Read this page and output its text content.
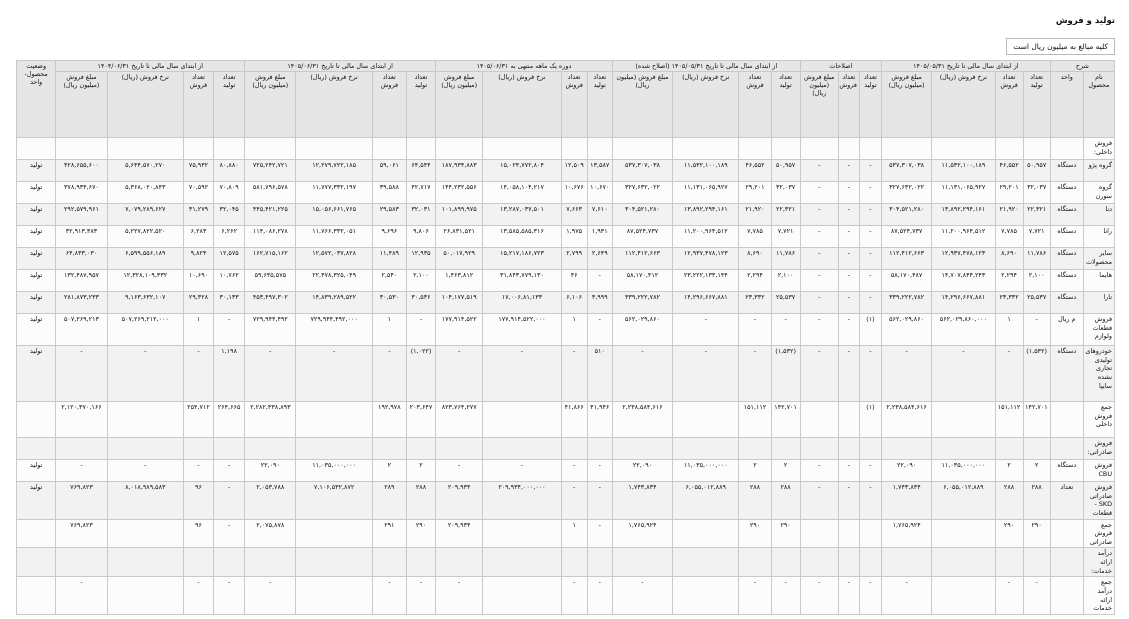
تولید و فروش
کلیه مبالغ به میلیون ریال است
شرح		از ابتدای سال مالی تا تاریخ ۱۴۰۵/۰۵/۳۱				اصلاحات			از ابتدای سال مالی تا تاریخ ۱۴۰۵/۰۵/۳۱ (اصلاح شده)				دوره یک ماهه منتهی به ۱۴۰۵/۰۶/۳۱				از ابتدای سال مالی تا تاریخ ۱۴۰۵/۰۶/۳۱				از ابتدای سال مالی تا تاریخ ۱۴۰۴/۰۶/۳۱				وضعیت محصول- واحد
نام محصول	واحد	تعداد تولید	تعداد فروش	نرخ فروش (ریال)	مبلغ فروش (میلیون ریال)	تعداد تولید	تعداد فروش	مبلغ فروش (میلیون ریال)	تعداد تولید	تعداد فروش	نرخ فروش (ریال)	مبلغ فروش (میلیون ریال)	تعداد تولید	تعداد فروش	نرخ فروش (ریال)	مبلغ فروش (میلیون ریال)	تعداد تولید	تعداد فروش	نرخ فروش (ریال)	مبلغ فروش (میلیون ریال)	تعداد تولید	تعداد فروش	نرخ فروش (ریال)	مبلغ فروش (میلیون ریال)	
فروش داخلی:																									
گروه پژو	دستگاه	۵۰,۹۵۷	۴۶,۵۵۲	۱۱,۵۳۲,۱۰۰,۱۸۹	۵۳۷,۳۰۷,۰۳۸	-	-	-	۵۰,۹۵۷	۴۶,۵۵۲	۱۱,۵۳۲,۱۰۰,۱۸۹	۵۳۷,۳۰۷,۰۳۸	۱۳,۵۸۷	۱۲,۵۰۹	۱۵,۰۲۴,۷۷۲,۸۰۴	۱۸۷,۹۳۴,۸۸۳	۶۴,۵۴۴	۵۹,۰۶۱	۱۲,۲۷۹,۷۲۲,۱۸۵	۷۲۵,۲۴۲,۷۲۱	۸۰,۸۸۰	۷۵,۹۳۲	۵,۶۴۴,۵۷۰,۲۷۰	۴۲۸,۶۵۵,۶۰۰	تولید
گروه سورن	دستگاه	۳۲,۰۳۷	۲۹,۲۰۱	۱۱,۱۳۱,۰۶۵,۹۲۷	۳۲۷,۶۳۲,۰۲۲	-	-	-	۳۲,۰۳۷	۲۹,۲۰۱	۱۱,۱۳۱,۰۶۵,۹۲۷	۳۲۷,۶۳۲,۰۲۲	۱۰,۶۷۰	۱۰,۶۷۶	۱۴,۰۵۸,۱۰۴,۲۱۷	۱۴۴,۲۳۲,۵۵۶	۴۲,۷۱۷	۳۹,۵۸۸	۱۱,۷۷۷,۳۳۲,۱۹۷	۵۸۱,۷۹۶,۵۷۸	۷۰,۸۰۹	۷۰,۵۹۲	۵,۳۶۸,۰۲۰,۸۴۳	۳۷۸,۹۳۴,۶۷۰	تولید
دنا	دستگاه	۲۲,۳۲۱	۲۱,۹۲۰	۱۳,۸۹۲,۲۹۴,۱۶۱	۳۰۴,۵۲۱,۲۸۰	-	-	-	۲۲,۳۲۱	۲۱,۹۲۰	۱۳,۸۹۲,۲۹۴,۱۶۱	۳۰۴,۵۲۱,۲۸۰	۷,۶۱۰	۷,۶۶۳	۱۳,۲۸۷,۰۳۷,۵۰۱	۱۰۱,۸۹۹,۹۷۵	۳۲,۰۳۱	۲۹,۵۸۳	۱۵,۰۵۶,۶۶۱,۷۶۵	۴۴۵,۴۲۱,۲۲۵	۳۲,۰۴۵	۳۱,۲۷۹	۷,۰۷۹,۲۸۹,۶۲۷	۲۹۲,۵۷۹,۹۶۱	تولید
رانا	دستگاه	۷,۷۲۱	۷,۷۸۵	۱۱,۲۰۰,۹۶۴,۵۱۲	۸۷,۵۲۴,۷۳۷	-	-	-	۷,۷۲۱	۷,۷۸۵	۱۱,۲۰۰,۹۶۴,۵۱۲	۸۷,۵۲۴,۷۳۷	۱,۹۳۱	۱,۹۷۵	۱۳,۵۸۵,۵۸۵,۳۱۶	۲۶,۸۳۱,۵۲۱	۹,۸۰۶	۹,۶۹۶	۱۱,۷۶۶,۳۳۲,۰۵۱	۱۱۴,۰۸۶,۲۷۸	۶,۲۶۲	۶,۲۸۳	۵,۲۲۷,۸۲۲,۵۲۰	۳۲,۹۱۳,۳۸۳	تولید
سایر محصولات	دستگاه	۱۱,۷۸۶	۸,۶۹۰	۱۲,۹۳۷,۴۷۸,۱۲۳	۱۱۲,۴۱۲,۶۶۳	-	-	-	۱۱,۷۸۶	۸,۶۹۰	۱۲,۹۳۷,۴۷۸,۱۲۳	۱۱۲,۴۱۲,۶۶۳	۲,۶۴۹	۲,۷۹۹	۱۵,۲۱۷,۱۸۶,۷۲۳	۵۰,۰۱۷,۹۲۹	۱۲,۹۳۵	۱۱,۴۸۹	۱۲,۵۷۲,۰۳۷,۸۲۸	۱۶۲,۷۱۵,۱۶۲	۱۲,۵۷۵	۹,۸۲۴	۶,۵۹۹,۵۵۶,۱۸۹	۶۴,۸۳۳,۰۳۰	تولید
هایما	دستگاه	۲,۱۰۰	۲,۲۹۴	۱۴,۷۰۷,۸۴۴,۲۴۳	۵۸,۱۷۰,۴۸۷	-	-	-	۲,۱۰۰	۲,۲۹۴	۲۳,۲۲۲,۱۳۳,۱۴۴	۵۸,۱۷۰,۴۱۲	-	۴۶	۳۱,۸۴۳,۷۷۹,۱۳۰	۱,۴۶۳,۸۱۲	۲,۱۰۰	۲,۵۴۰	۲۲,۴۷۸,۳۲۵,۰۴۹	۵۹,۶۴۵,۵۷۵	۱۰,۷۶۲	۱۰,۶۹۰	۱۲,۳۲۸,۱۰۹,۳۳۲	۱۳۲,۴۸۷,۹۵۷	تولید
تارا	دستگاه	۲۵,۵۳۷	۲۳,۳۳۲	۱۴,۲۹۶,۶۶۷,۸۸۱	۳۳۹,۲۲۲,۷۸۲	-	-	-	۲۵,۵۳۷	۲۳,۳۳۲	۱۴,۲۹۶,۶۶۷,۸۸۱	۳۳۹,۲۲۲,۷۸۲	۳,۹۹۹	۶,۱۰۶	۱۷,۰۰۶,۸۱,۱۳۳	۱۰۴,۱۷۷,۵۱۹	۳۰,۵۳۶	۳۰,۵۳۰	۱۴,۸۳۹,۲۸۹,۵۲۲	۴۵۳,۴۹۷,۳۰۲	۳۰,۱۳۳	۲۹,۳۲۸	۹,۱۶۳,۶۳۲,۱۰۷	۲۸۱,۸۷۳,۲۳۳	تولید
فروش قطعات ولوازم	م ریال	-	۱	۵۶۲,۰۲۹,۸۶۰,۰۰۰	۵۶۲,۰۲۹,۸۶۰	(۱)	-	-	-	-	-	۵۶۲,۰۲۹,۸۶۰	-	۱	۱۷۷,۹۱۴,۵۲۲,۰۰۰	۱۷۷,۹۱۴,۵۲۲	-	۱	۷۲۹,۹۴۴,۴۹۲,۰۰۰	۷۲۹,۹۴۴,۴۹۲	-	۱	۵۰۷,۲۶۹,۲۱۲,۰۰۰	۵۰۷,۲۶۹,۲۱۳	تولید
خودروهای تولیدی تجاری نشده سایپا	دستگاه	(۱,۵۳۲)	-	-	-	-	-	-	(۱,۵۳۲)	-	-	-	۵۱۰	-	-	-	(۱,۰۲۲)	-	-	-	۱,۱۹۸	-	-	-	تولید
جمع فروش داخلی		۱۴۲,۷۰۱	۱۵۱,۱۱۲		۲,۲۳۸,۵۸۴,۶۱۶	(۱)			۱۴۲,۷۰۱	۱۵۱,۱۱۲		۲,۲۳۸,۵۸۴,۶۱۶	۴۱,۹۴۶	۴۱,۸۶۶		۸۲۳,۷۶۴,۲۷۷	۲۰۳,۶۴۷	۱۹۲,۹۷۸		۲,۲۸۲,۳۳۸,۸۹۳	۲۶۴,۶۶۵	۲۵۴,۷۱۲		۲,۱۲۰,۳۷۰,۱۶۶	
فروش صادراتی:																									
فروش CBU	دستگاه	۲	۲	۱۱,۰۳۵,۰۰۰,۰۰۰	۲۲,۰۹۰	-	-	-	۲	۲	۱۱,۰۳۵,۰۰۰,۰۰۰	۲۲,۰۹۰	-	-	-	-	۲	۲	۱۱,۰۳۵,۰۰۰,۰۰۰	۲۲,۰۹۰	-	-	-	-	تولید
فروش صادراتی SKD - قطعات	تعداد	۲۸۸	۲۸۸	۶,۰۵۵,۰۱۲,۸۸۹	۱,۷۴۳,۸۳۴	-	-	-	۲۸۸	۲۸۸	۶,۰۵۵,۰۱۲,۸۸۹	۱,۷۴۳,۸۳۴	-	-	۲۰۹,۹۳۴,۰۰۰,۰۰۰	۲۰۹,۹۳۴	۲۸۸	۲۸۹	۷,۱۰۶,۵۳۲,۸۷۲	۲,۰۵۳,۷۸۸	-	۹۶	۸,۰۱۸,۹۸۹,۵۸۳	۷۶۹,۸۲۳	تولید
جمع فروش صادراتی		۲۹۰	۲۹۰		۱,۷۶۵,۹۲۴				۲۹۰	۲۹۰		۱,۷۶۵,۹۲۴	-	۱		۲۰۹,۹۳۴	۲۹۰	۲۹۱		۲,۰۷۵,۸۷۸	-	۹۶		۷۶۹,۸۲۳	
درآمد ارائه خدمات:																									
جمع درآمد ارائه خدمات		-	-		-	-	-	-	-	-		-	-	-		-	-	-		-	-	-		-	
